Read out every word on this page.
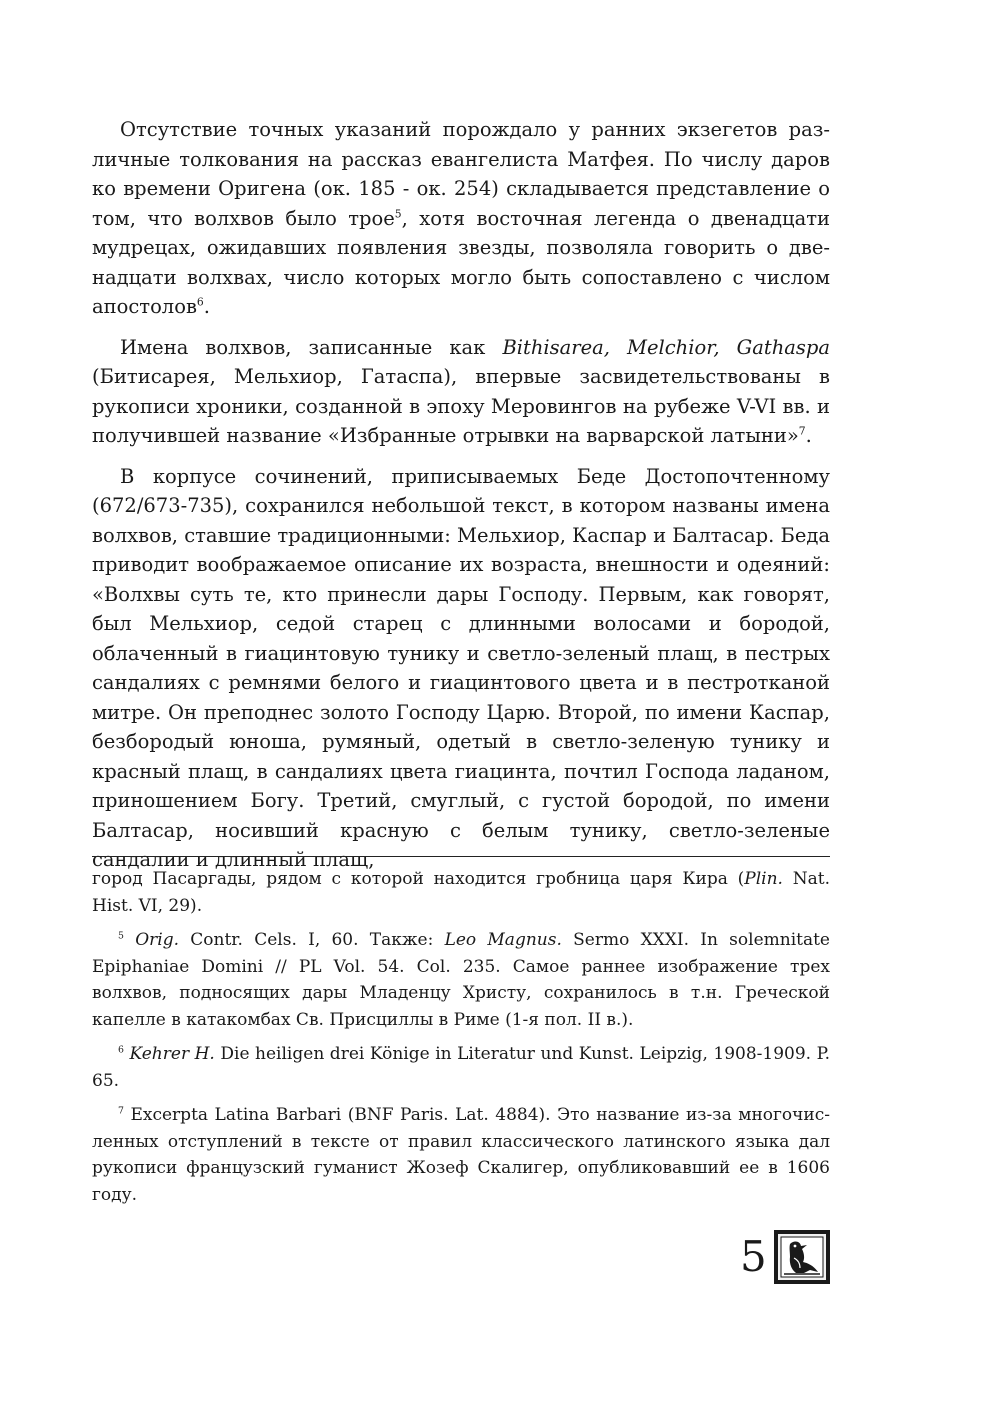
Отсутствие точных указаний порождало у ранних экзегетов различные толкования на рассказ евангелиста Матфея. По числу даров ко времени Оригена (ок. 185 - ок. 254) складывается представление о том, что волхвов было трое$^5$, хотя восточная легенда о двенадцати мудрецах, ожидавших появления звезды, позволяла говорить о двенадцати волхвах, число которых могло быть сопоставлено с числом апостолов$^6$.

Имена волхвов, записанные как Bithisarea, Melchior, Gathaspa (Битисарея, Мельхиор, Гатаспа), впервые засвидетельствованы в рукописи хроники, созданной в эпоху Меровингов на рубеже V-VI вв. и получившей название «Избранные отрывки на варварской латыни»$^7$.

В корпусе сочинений, приписываемых Беде Достопочтенному (672/673-735), сохранился небольшой текст, в котором названы имена волхвов, ставшие традиционными: Мельхиор, Каспар и Балтасар. Беда приводит воображаемое описание их возраста, внешности и одеяний: «Волхвы суть те, кто принесли дары Господу. Первым, как говорят, был Мельхиор, седой старец с длинными волосами и бородой, облаченный в гиацинтовую тунику и светло-зеленый плащ, в пестрых сандалиях с ремнями белого и гиацинтового цвета и в пестротканой митре. Он преподнес золото Господу Царю. Второй, по имени Каспар, безбородый юноша, румяный, одетый в светло-зеленую тунику и красный плащ, в сандалиях цвета гиацинта, почтил Господа ладаном, приношением Богу. Третий, смуглый, с густой бородой, по имени Балтасар, носивший красную с белым тунику, светло-зеленые сандалии и длинный плащ,

город Пасаргады, рядом с которой находится гробница царя Кира (Plin. Nat. Hist. VI, 29).

$^5$ Orig. Contr. Cels. I, 60. Также: Leo Magnus. Sermo XXXI. In solemnitate Epiphaniae Domini // PL Vol. 54. Col. 235. Самое раннее изображение трех волхвов, подносящих дары Младенцу Христу, сохранилось в т.н. Греческой капелле в катакомбах Св. Присциллы в Риме (1-я пол. II в.).

$^6$ Kehrer H. Die heiligen drei Könige in Literatur und Kunst. Leipzig, 1908-1909. P. 65.

$^7$ Excerpta Latina Barbari (BNF Paris. Lat. 4884). Это название из-за многочисленных отступлений в тексте от правил классического латинского языка дал рукописи французский гуманист Жозеф Скалигер, опубликовавший ее в 1606 году.

5
